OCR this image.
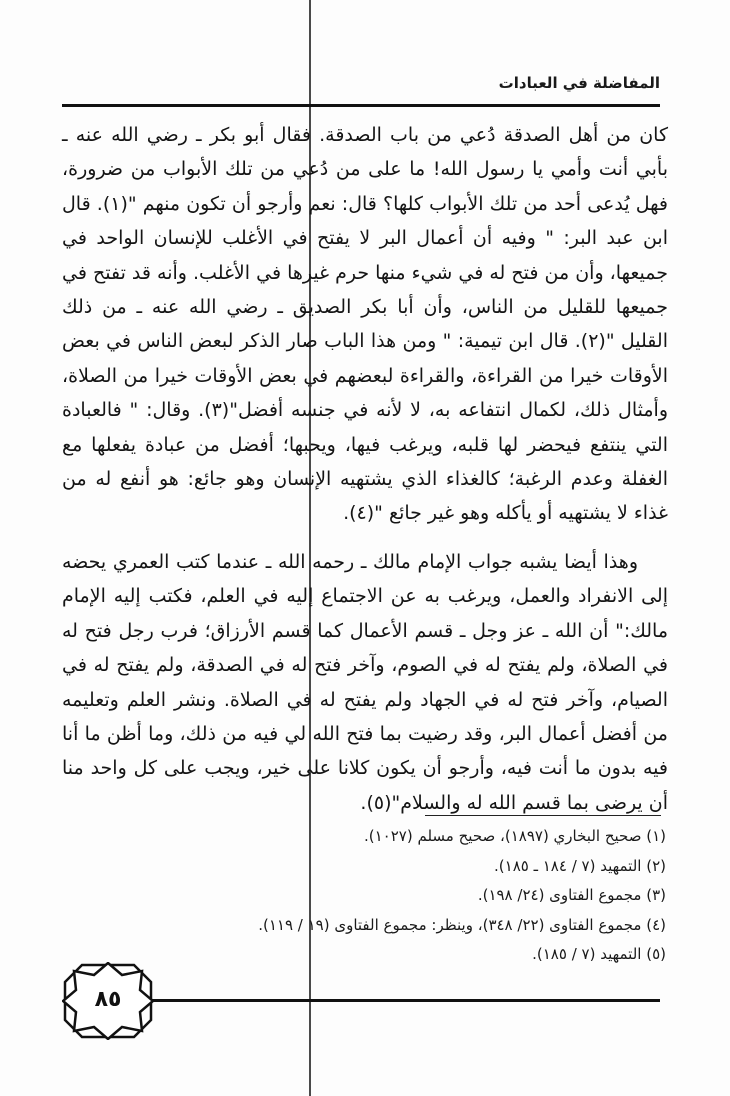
المفاضلة في العبادات

كان من أهل الصدقة دُعي من باب الصدقة. فقال أبو بكر ـ رضي الله عنه ـ بأبي أنت وأمي يا رسول الله! ما على من دُعي من تلك الأبواب من ضرورة، فهل يُدعى أحد من تلك الأبواب كلها؟ قال: نعم وأرجو أن تكون منهم "(١). قال ابن عبد البر: " وفيه أن أعمال البر لا يفتح في الأغلب للإنسان الواحد في جميعها، وأن من فتح له في شيء منها حرم غيرها في الأغلب. وأنه قد تفتح في جميعها للقليل من الناس، وأن أبا بكر الصديق ـ رضي الله عنه ـ من ذلك القليل "(٢). قال ابن تيمية: " ومن هذا الباب صار الذكر لبعض الناس في بعض الأوقات خيرا من القراءة، والقراءة لبعضهم في بعض الأوقات خيرا من الصلاة، وأمثال ذلك، لكمال انتفاعه به، لا لأنه في جنسه أفضل"(٣). وقال: " فالعبادة التي ينتفع فيحضر لها قلبه، ويرغب فيها، ويحبها؛ أفضل من عبادة يفعلها مع الغفلة وعدم الرغبة؛ كالغذاء الذي يشتهيه الإنسان وهو جائع: هو أنفع له من غذاء لا يشتهيه أو يأكله وهو غير جائع "(٤).

وهذا أيضا يشبه جواب الإمام مالك ـ رحمه الله ـ عندما كتب العمري يحضه إلى الانفراد والعمل، ويرغب به عن الاجتماع إليه في العلم، فكتب إليه الإمام مالك:" أن الله ـ عز وجل ـ قسم الأعمال كما قسم الأرزاق؛ فرب رجل فتح له في الصلاة، ولم يفتح له في الصوم، وآخر فتح له في الصدقة، ولم يفتح له في الصيام، وآخر فتح له في الجهاد ولم يفتح له في الصلاة. ونشر العلم وتعليمه من أفضل أعمال البر، وقد رضيت بما فتح الله لي فيه من ذلك، وما أظن ما أنا فيه بدون ما أنت فيه، وأرجو أن يكون كلانا على خير، ويجب على كل واحد منا أن يرضى بما قسم الله له والسلام"(٥).

(١) صحيح البخاري (١٨٩٧)، صحيح مسلم (١٠٢٧).
(٢) التمهيد (٧ / ١٨٤ ـ ١٨٥).
(٣) مجموع الفتاوى (٢٤/ ١٩٨).
(٤) مجموع الفتاوى (٢٢/ ٣٤٨)، وينظر: مجموع الفتاوى (١٩ / ١١٩).
(٥) التمهيد (٧ / ١٨٥).
٨٥
